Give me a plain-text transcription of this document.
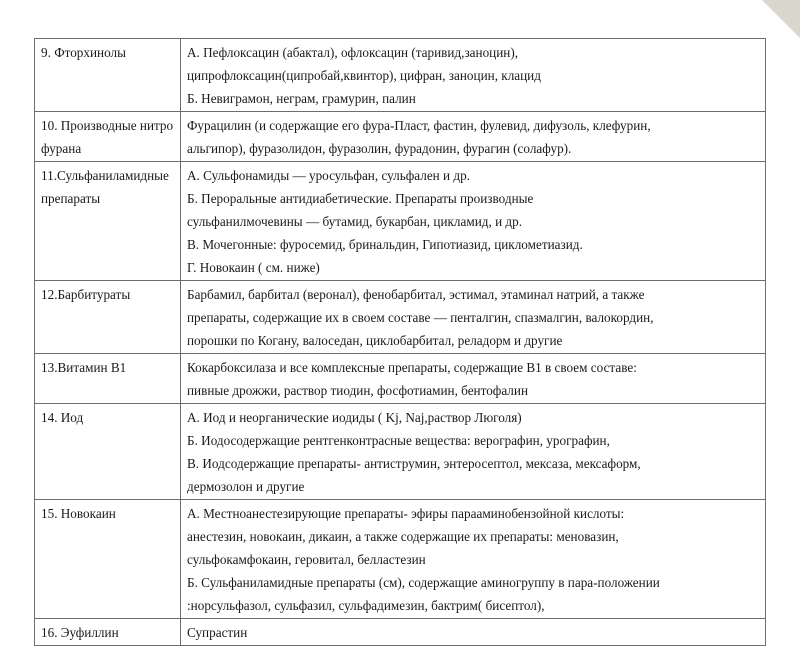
9. Фторхинолы	А. Пефлоксацин (абактал), офлоксацин (таривид,заноцин),
ципрофлоксацин(ципробай,квинтор), цифран, заноцин, клацид
Б. Невиграмон, неграм, грамурин, палин

10. Производные нитрофурана	Фурацилин (и содержащие его фура-Пласт, фастин, фулевид, дифузоль, клефурин,
альгипор), фуразолидон, фуразолин, фурадонин, фурагин (солафур).

11.Сульфаниламидные препараты	А. Сульфонамиды — уросульфан, сульфален и др.
Б. Пероральные антидиабетические. Препараты производные
сульфанилмочевины — бутамид, букарбан, цикламид, и др.
В. Мочегонные: фуросемид, бринальдин, Гипотиазид, циклометиазид.
Г. Новокаин ( см. ниже)

12.Барбитураты	Барбамил, барбитал (веронал), фенобарбитал, эстимал, этаминал натрий, а также
препараты, содержащие их в своем составе — пенталгин, спазмалгин, валокордин,
порошки по Когану, валоседан, циклобарбитал, реладорм и другие

13.Витамин В1	Кокарбоксилаза и все комплексные препараты, содержащие В1 в своем составе:
пивные дрожжи, раствор тиодин, фосфотиамин, бентофалин

14. Иод	А. Иод и неорганические иодиды ( Kj, Naj,раствор Люголя)
Б. Иодосодержащие рентгенконтрасные вещества: верографин, урографин,
В. Иодсодержащие препараты- антиструмин, энтеросептол, мексаза, мексаформ,
дермозолон и другие

15. Новокаин	А. Местноанестезирующие препараты- эфиры парааминобензойной кислоты:
анестезин, новокаин, дикаин, а также содержащие их препараты: меновазин,
сульфокамфокаин, геровитал, белластезин
Б. Сульфаниламидные препараты (см), содержащие аминогруппу в пара-положении
:норсульфазол, сульфазил, сульфадимезин, бактрим( бисептол),

16. Эуфиллин	Супрастин
